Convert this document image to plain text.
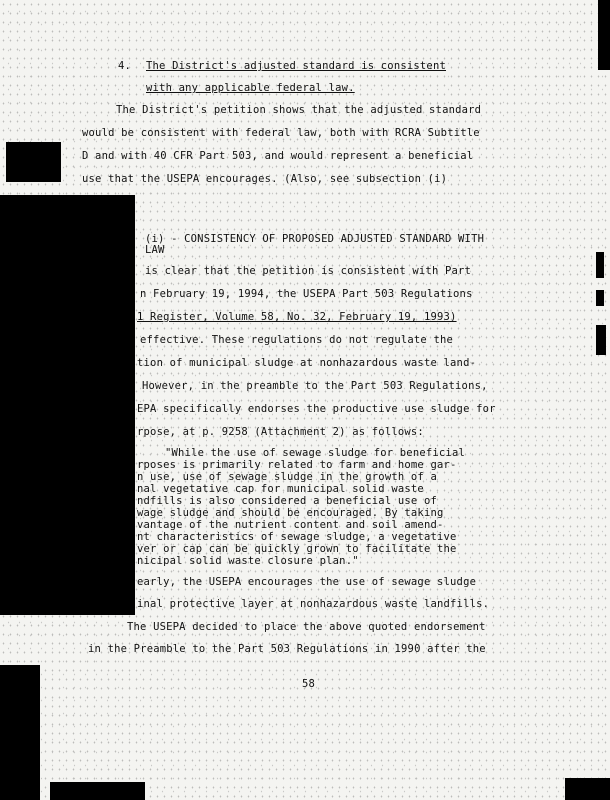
4. The District's adjusted standard is consistent
with any applicable federal law.
The District's petition shows that the adjusted standard
would be consistent with federal law, both with RCRA Subtitle
D and with 40 CFR Part 503, and would represent a beneficial
use that the USEPA encourages. (Also, see subsection (i)
(i) - CONSISTENCY OF PROPOSED ADJUSTED STANDARD WITH
LAW
is clear that the petition is consistent with Part
n February 19, 1994, the USEPA Part 503 Regulations
1 Register, Volume 58, No. 32, February 19, 1993)
effective. These regulations do not regulate the
tion of municipal sludge at nonhazardous waste land-
However, in the preamble to the Part 503 Regulations,
EPA specifically endorses the productive use sludge for
rpose, at p. 9258 (Attachment 2) as follows:
"While the use of sewage sludge for beneficial
rposes is primarily related to farm and home gar-
n use, use of sewage sludge in the growth of a
nal vegetative cap for municipal solid waste
ndfills is also considered a beneficial use of
wage sludge and should be encouraged. By taking
vantage of the nutrient content and soil amend-
nt characteristics of sewage sludge, a vegetative
ver or cap can be quickly grown to facilitate the
nicipal solid waste closure plan."
early, the USEPA encourages the use of sewage sludge
inal protective layer at nonhazardous waste landfills.
The USEPA decided to place the above quoted endorsement
in the Preamble to the Part 503 Regulations in 1990 after the
58
